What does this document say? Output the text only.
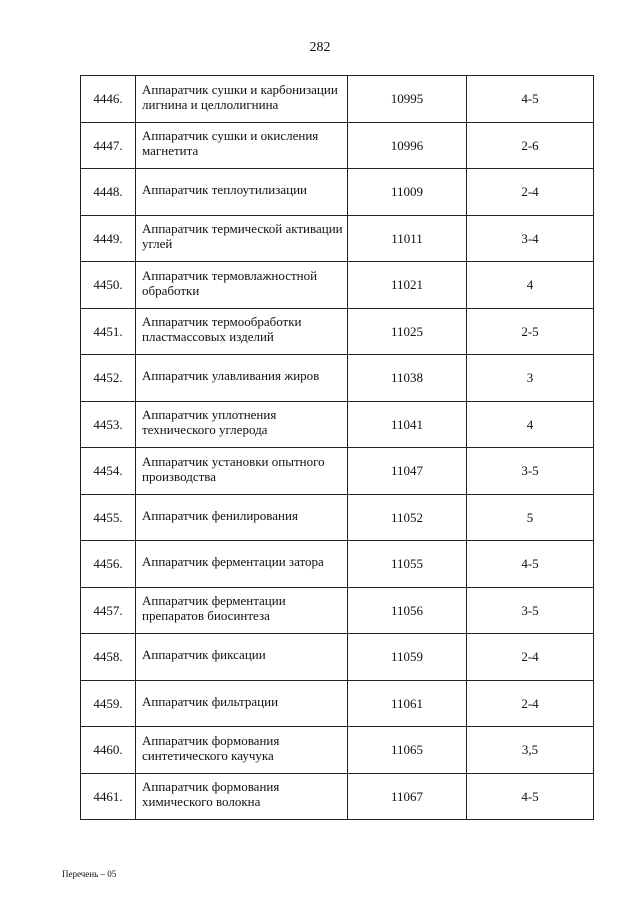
282
4446.	Аппаратчик сушки и карбонизации лигнина и целлолигнина	10995	4-5
4447.	Аппаратчик сушки и окисления магнетита	10996	2-6
4448.	Аппаратчик теплоутилизации	11009	2-4
4449.	Аппаратчик термической активации углей	11011	3-4
4450.	Аппаратчик термовлажностной обработки	11021	4
4451.	Аппаратчик термообработки пластмассовых изделий	11025	2-5
4452.	Аппаратчик улавливания жиров	11038	3
4453.	Аппаратчик уплотнения технического углерода	11041	4
4454.	Аппаратчик установки опытного производства	11047	3-5
4455.	Аппаратчик фенилирования	11052	5
4456.	Аппаратчик ферментации затора	11055	4-5
4457.	Аппаратчик ферментации препаратов биосинтеза	11056	3-5
4458.	Аппаратчик фиксации	11059	2-4
4459.	Аппаратчик фильтрации	11061	2-4
4460.	Аппаратчик формования синтетического каучука	11065	3,5
4461.	Аппаратчик формования химического волокна	11067	4-5
Перечень – 05
